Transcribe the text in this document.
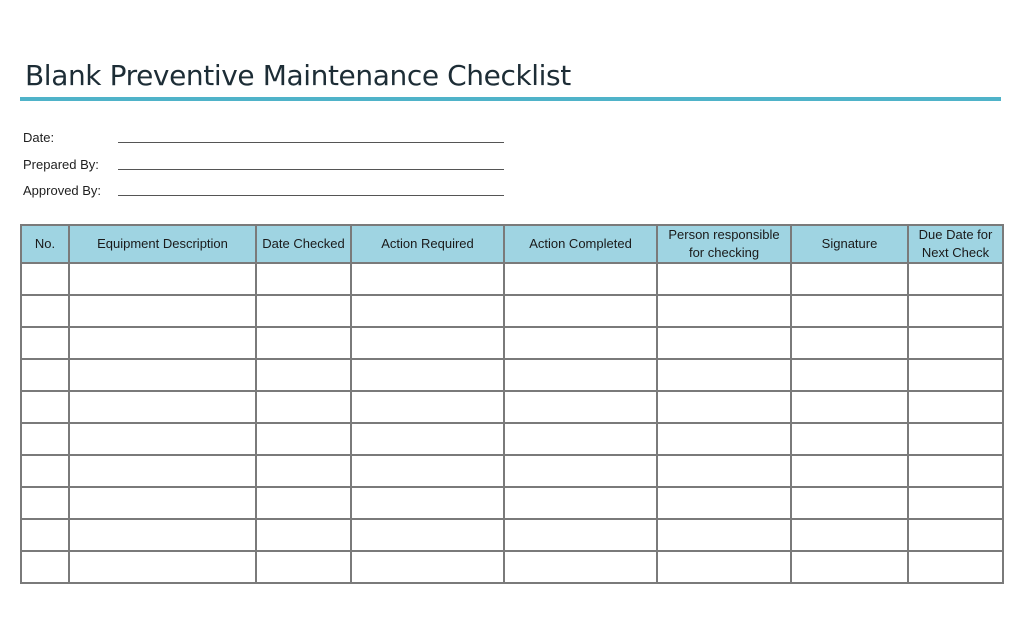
Blank Preventive Maintenance Checklist
Date:
Prepared By:
Approved By:
No.	Equipment Description	Date Checked	Action Required	Action Completed	Person responsible for checking	Signature	Due Date for Next Check
